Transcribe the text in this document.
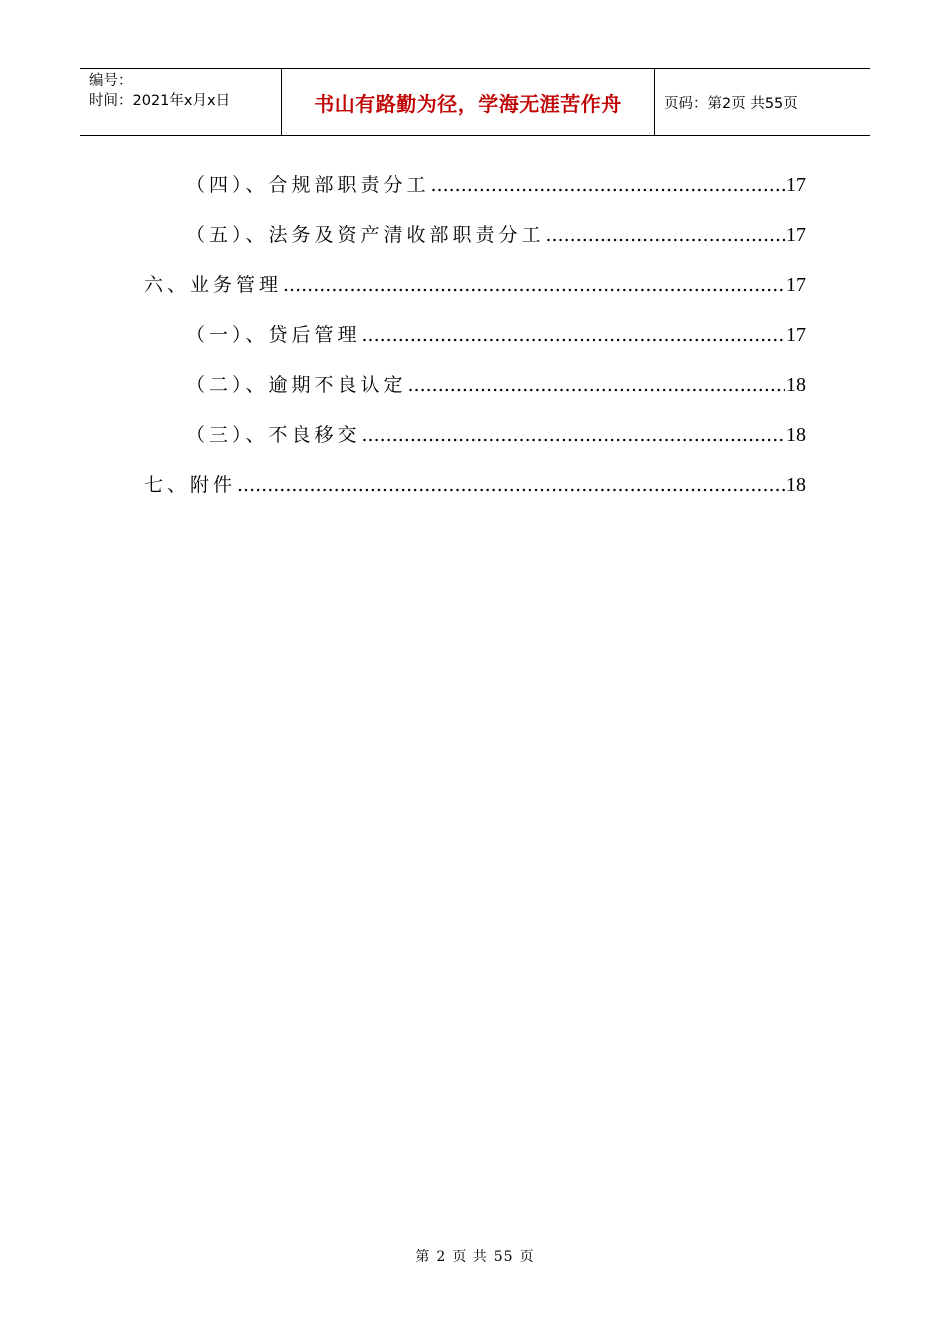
编号：
时间：2021年x月x日	书山有路勤为径，学海无涯苦作舟	页码：第2页 共55页
（四）、合规部职责分工 .....	17
（五）、法务及资产清收部职责分工 .....	17
六、业务管理 .....	17
（一）、贷后管理 .....	17
（二）、逾期不良认定 .....	18
（三）、不良移交 .....	18
七、附件 .....	18
第 2 页 共 55 页
